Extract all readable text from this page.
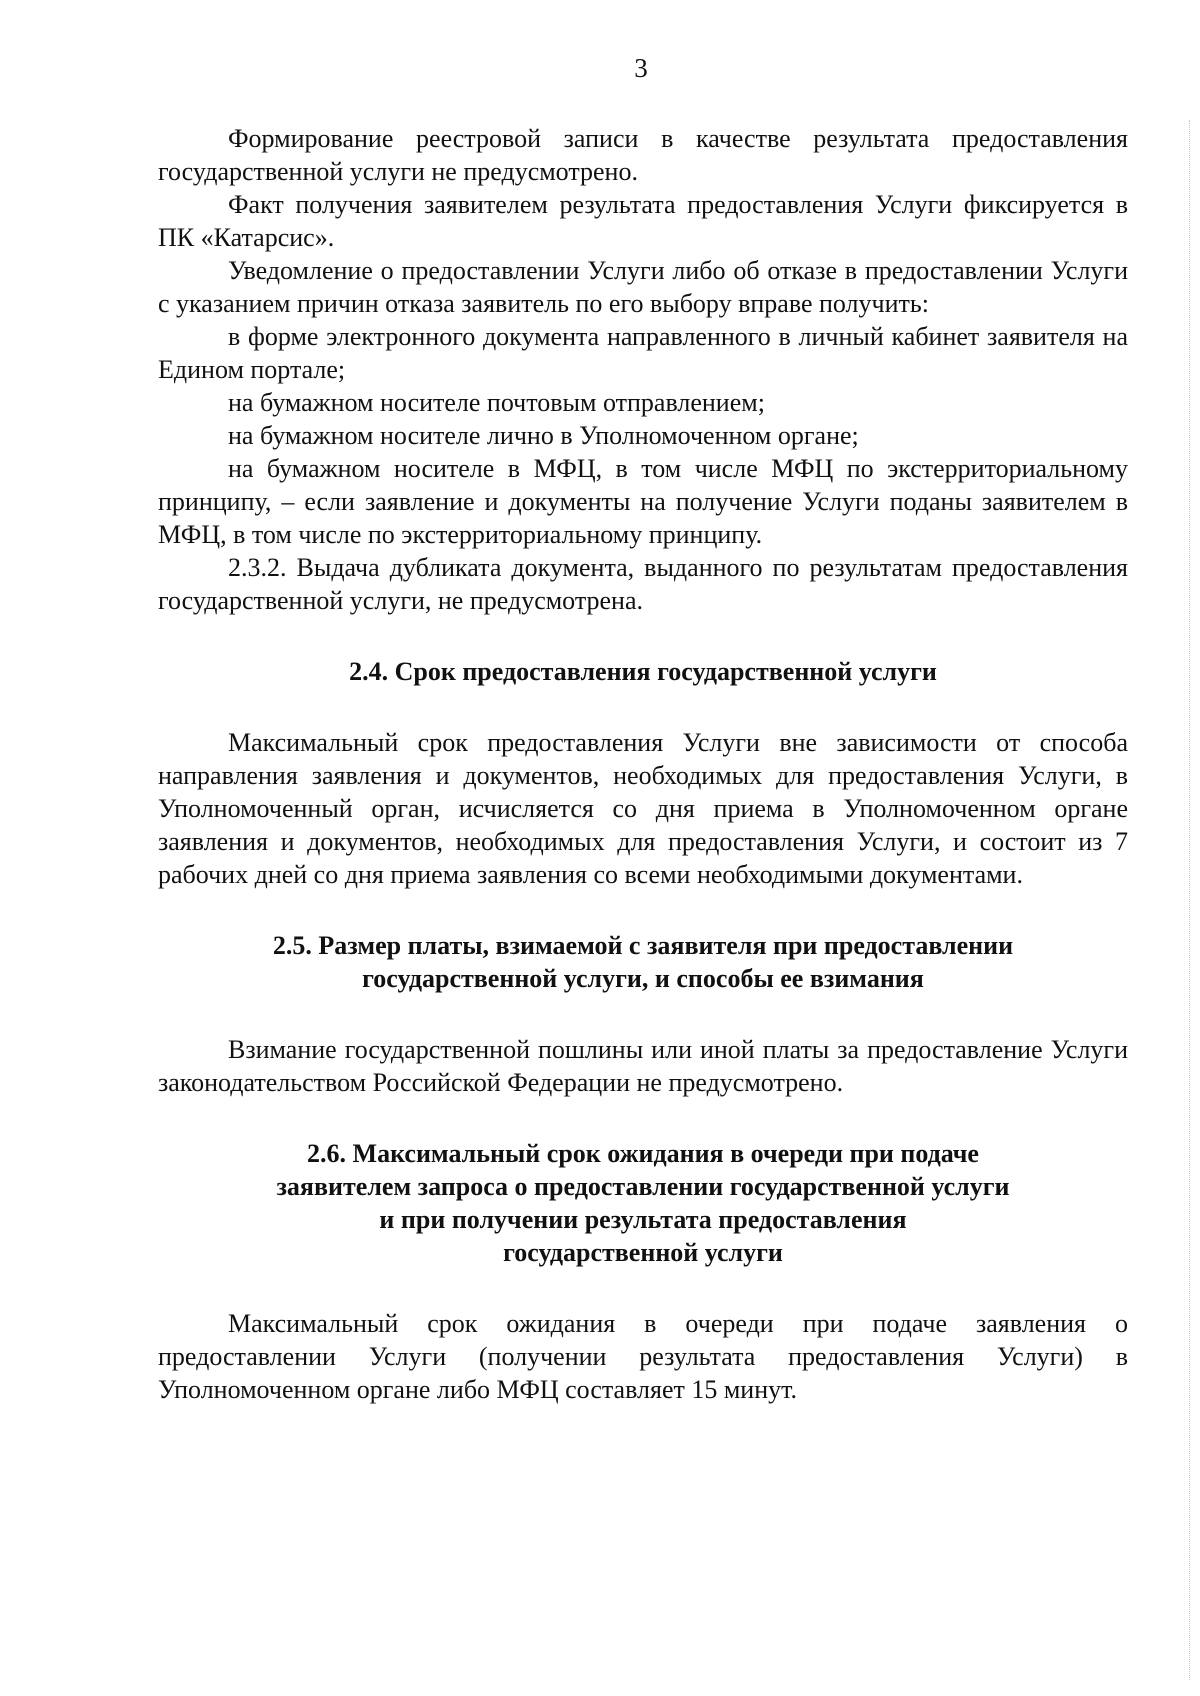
3

Формирование реестровой записи в качестве результата предоставления государственной услуги не предусмотрено.

Факт получения заявителем результата предоставления Услуги фиксируется в ПК «Катарсис».

Уведомление о предоставлении Услуги либо об отказе в предоставлении Услуги с указанием причин отказа заявитель по его выбору вправе получить:

в форме электронного документа направленного в личный кабинет заявителя на Едином портале;

на бумажном носителе почтовым отправлением;

на бумажном носителе лично в Уполномоченном органе;

на бумажном носителе в МФЦ, в том числе МФЦ по экстерриториальному принципу, – если заявление и документы на получение Услуги поданы заявителем в МФЦ, в том числе по экстерриториальному принципу.

2.3.2. Выдача дубликата документа, выданного по результатам предоставления государственной услуги, не предусмотрена.

2.4. Срок предоставления государственной услуги

Максимальный срок предоставления Услуги вне зависимости от способа направления заявления и документов, необходимых для предоставления Услуги, в Уполномоченный орган, исчисляется со дня приема в Уполномоченном органе заявления и документов, необходимых для предоставления Услуги, и состоит из 7 рабочих дней со дня приема заявления со всеми необходимыми документами.

2.5. Размер платы, взимаемой с заявителя при предоставлении
государственной услуги, и способы ее взимания

Взимание государственной пошлины или иной платы за предоставление Услуги законодательством Российской Федерации не предусмотрено.

2.6. Максимальный срок ожидания в очереди при подаче
заявителем запроса о предоставлении государственной услуги
и при получении результата предоставления
государственной услуги

Максимальный срок ожидания в очереди при подаче заявления о предоставлении Услуги (получении результата предоставления Услуги) в Уполномоченном органе либо МФЦ составляет 15 минут.
